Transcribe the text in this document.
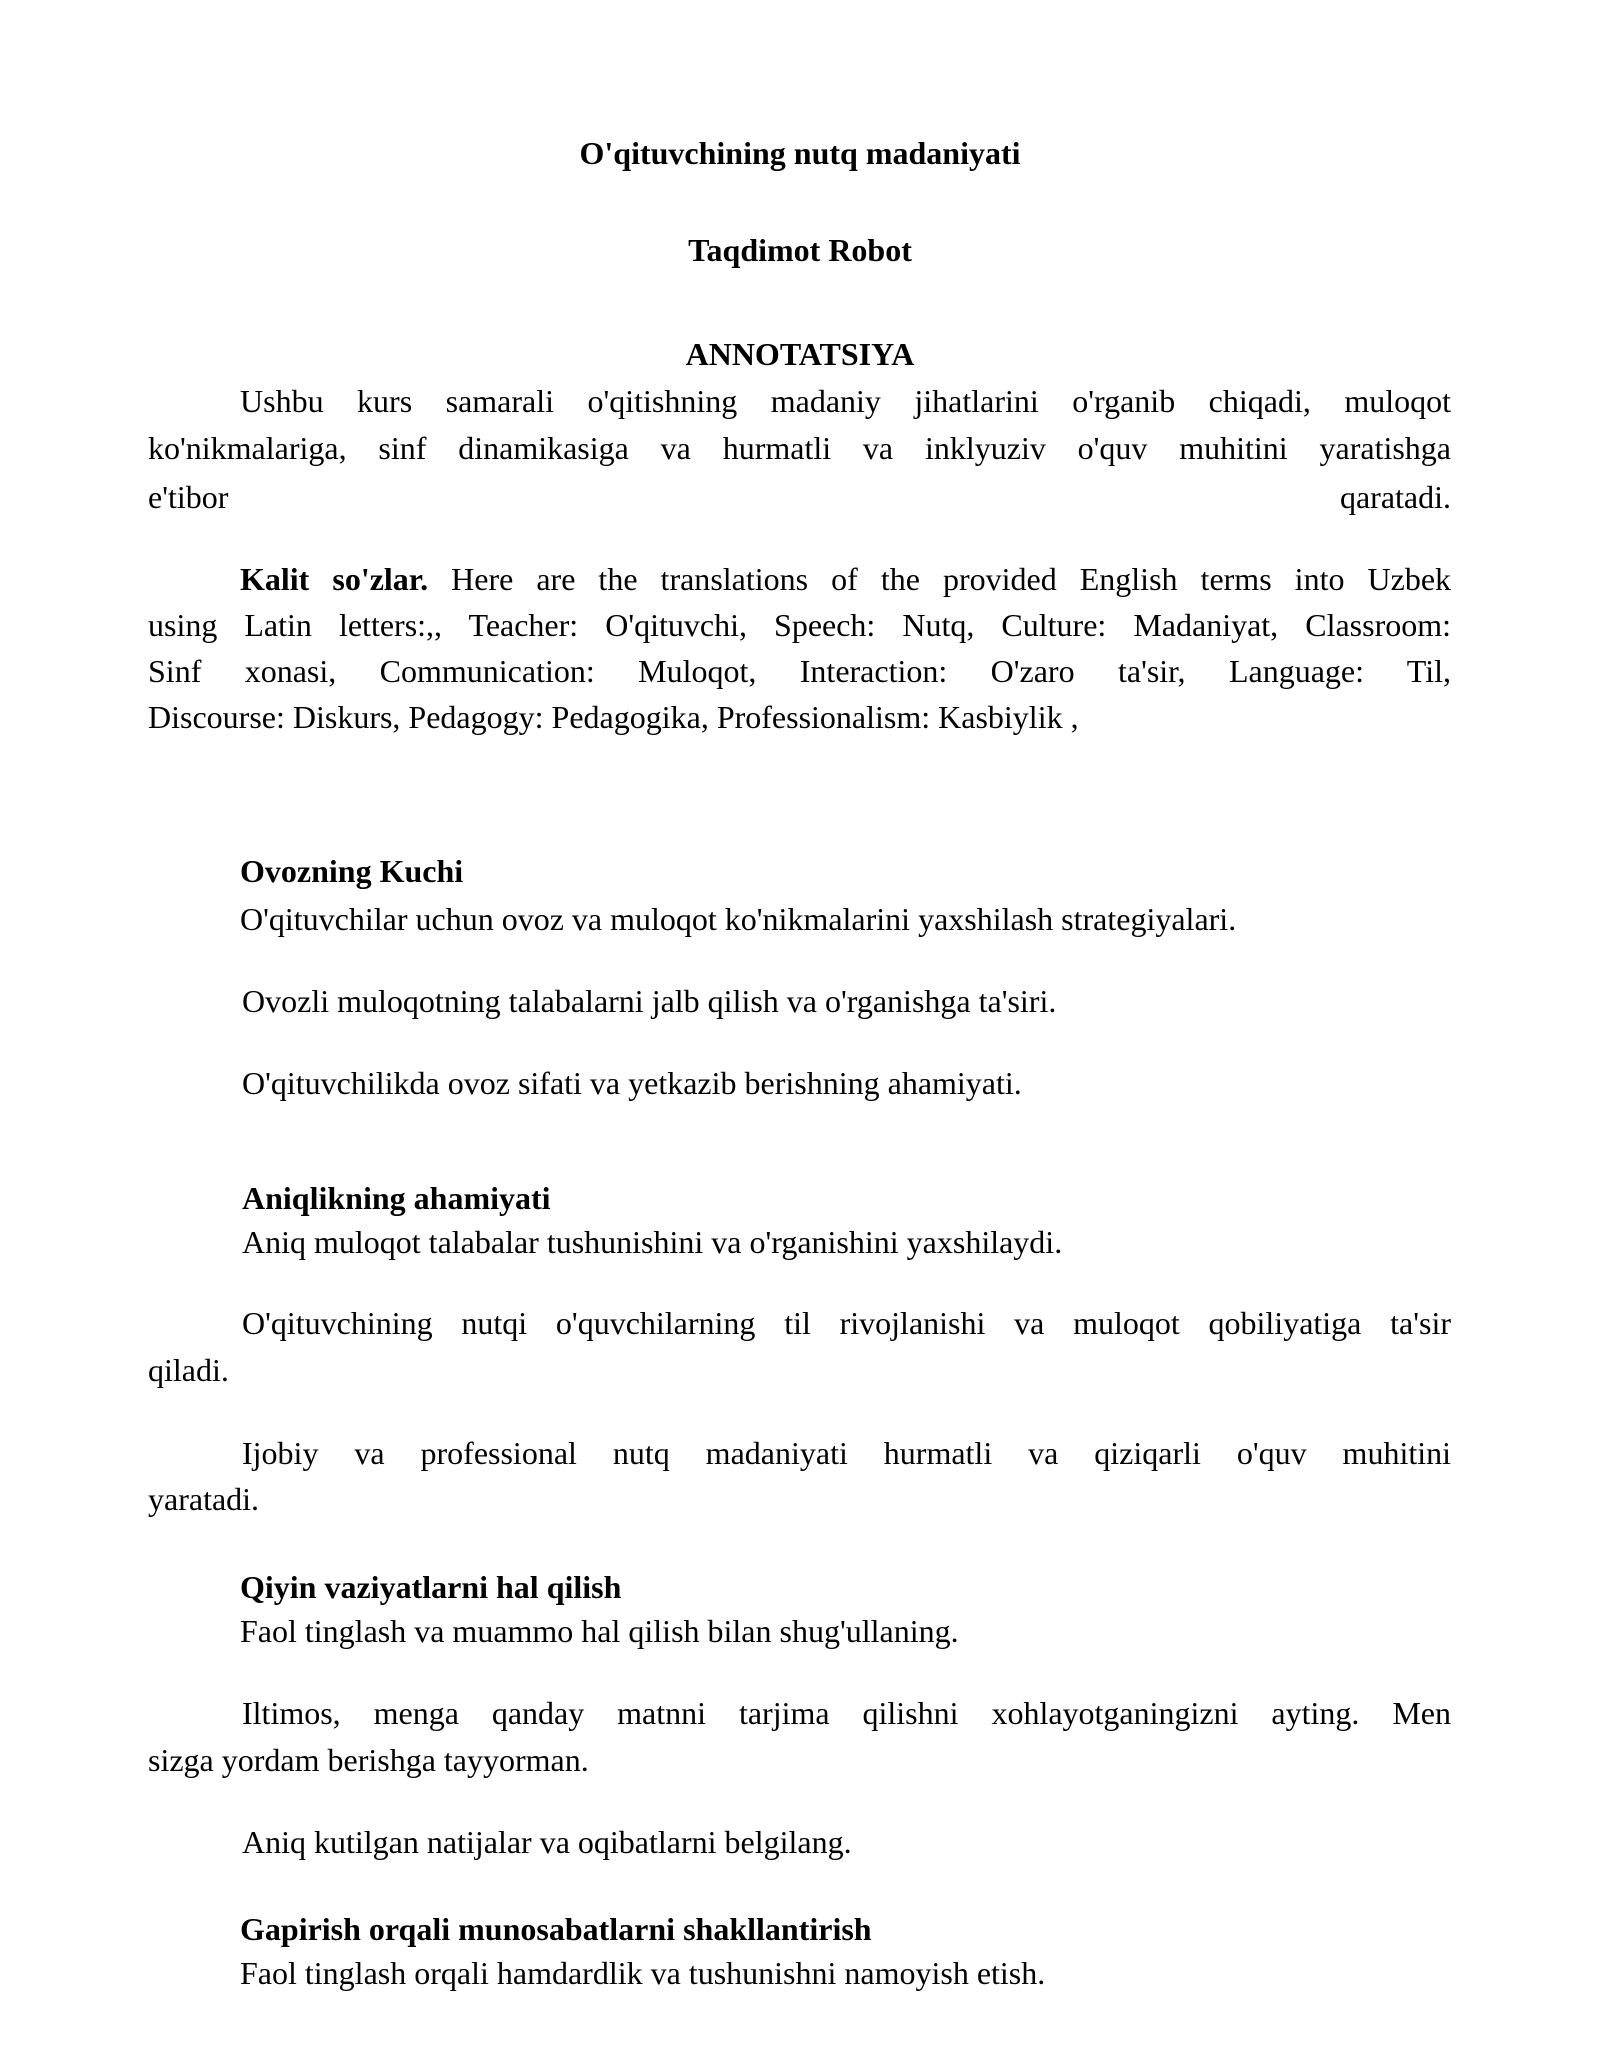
O'qituvchining nutq madaniyati

Taqdimot Robot

ANNOTATSIYA

Ushbu kurs samarali o'qitishning madaniy jihatlarini o'rganib chiqadi, muloqot

ko'nikmalariga, sinf dinamikasiga va hurmatli va inklyuziv o'quv muhitini yaratishga

e'tibor	qaratadi.

Kalit so'zlar. Here are the translations of the provided English terms into Uzbek

using Latin letters:,, Teacher: O'qituvchi, Speech: Nutq, Culture: Madaniyat, Classroom:

Sinf xonasi, Communication: Muloqot, Interaction: O'zaro ta'sir, Language: Til,

Discourse: Diskurs, Pedagogy: Pedagogika, Professionalism: Kasbiylik ,

Ovozning Kuchi

O'qituvchilar uchun ovoz va muloqot ko'nikmalarini yaxshilash strategiyalari.

Ovozli muloqotning talabalarni jalb qilish va o'rganishga ta'siri.

O'qituvchilikda ovoz sifati va yetkazib berishning ahamiyati.

Aniqlikning ahamiyati

Aniq muloqot talabalar tushunishini va o'rganishini yaxshilaydi.

O'qituvchining nutqi o'quvchilarning til rivojlanishi va muloqot qobiliyatiga ta'sir

qiladi.

Ijobiy va professional nutq madaniyati hurmatli va qiziqarli o'quv muhitini

yaratadi.

Qiyin vaziyatlarni hal qilish

Faol tinglash va muammo hal qilish bilan shug'ullaning.

Iltimos, menga qanday matnni tarjima qilishni xohlayotganingizni ayting. Men

sizga yordam berishga tayyorman.

Aniq kutilgan natijalar va oqibatlarni belgilang.

Gapirish orqali munosabatlarni shakllantirish

Faol tinglash orqali hamdardlik va tushunishni namoyish etish.
